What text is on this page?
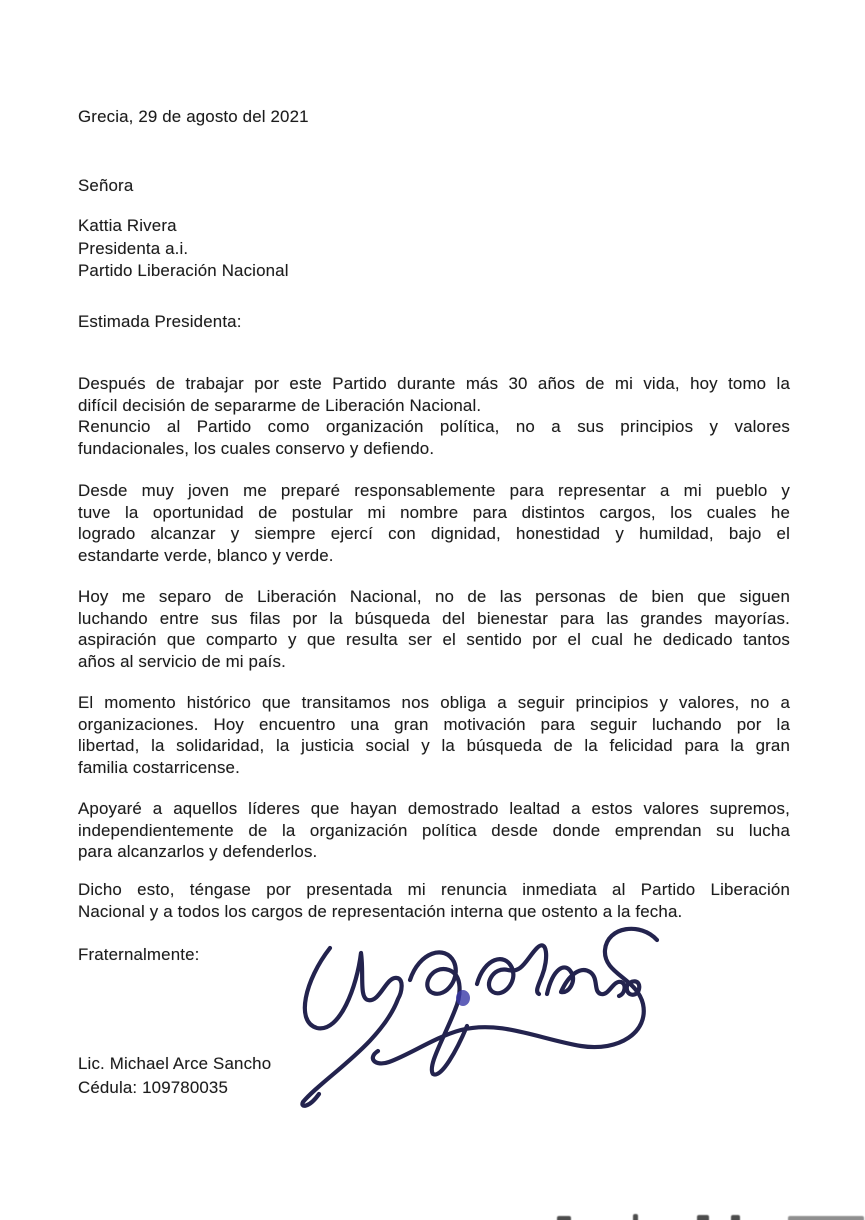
Grecia, 29 de agosto del 2021
Señora
Kattia Rivera
Presidenta a.i.
Partido Liberación Nacional
Estimada Presidenta:
Después de trabajar por este Partido durante más 30 años de mi vida, hoy tomo la
difícil decisión de separarme de Liberación Nacional.
Renuncio al Partido como organización política, no a sus principios y valores
fundacionales, los cuales conservo y defiendo.
Desde muy joven me preparé responsablemente para representar a mi pueblo y
tuve la oportunidad de postular mi nombre para distintos cargos, los cuales he
logrado alcanzar y siempre ejercí con dignidad, honestidad y humildad, bajo el
estandarte verde, blanco y verde.
Hoy me separo de Liberación Nacional, no de las personas de bien que siguen
luchando entre sus filas por la búsqueda del bienestar para las grandes mayorías.
aspiración que comparto y que resulta ser el sentido por el cual he dedicado tantos
años al servicio de mi país.
El momento histórico que transitamos nos obliga a seguir principios y valores, no a
organizaciones. Hoy encuentro una gran motivación para seguir luchando por la
libertad, la solidaridad, la justicia social y la búsqueda de la felicidad para la gran
familia costarricense.
Apoyaré a aquellos líderes que hayan demostrado lealtad a estos valores supremos,
independientemente de la organización política desde donde emprendan su lucha
para alcanzarlos y defenderlos.
Dicho esto, téngase por presentada mi renuncia inmediata al Partido Liberación
Nacional y a todos los cargos de representación interna que ostento a la fecha.
Fraternalmente:
Lic. Michael Arce Sancho
Cédula: 109780035
